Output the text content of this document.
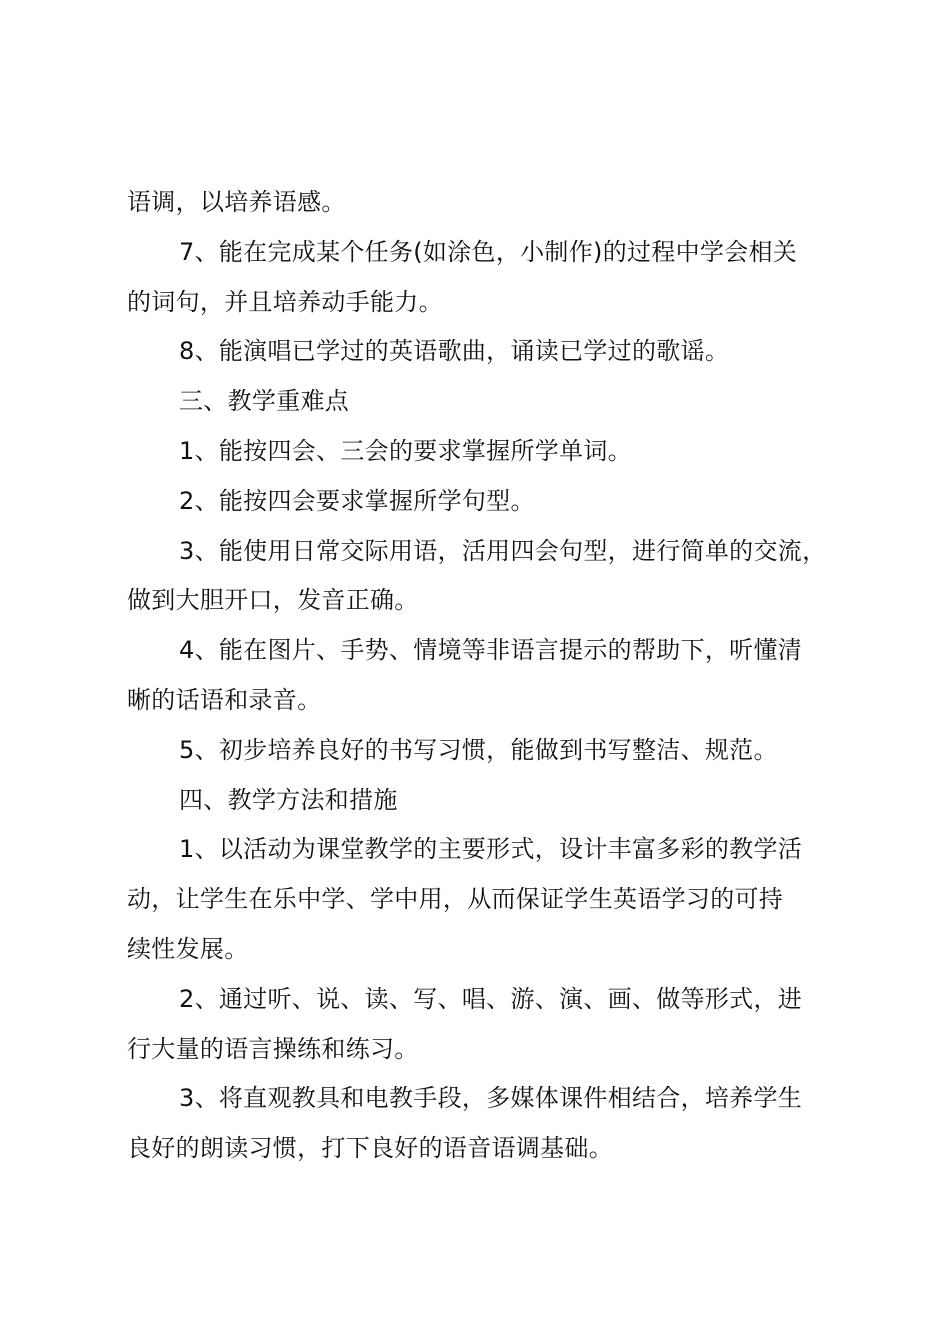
语调，以培养语感。
7、能在完成某个任务(如涂色，小制作)的过程中学会相关
的词句，并且培养动手能力。
8、能演唱已学过的英语歌曲，诵读已学过的歌谣。
三、教学重难点
1、能按四会、三会的要求掌握所学单词。
2、能按四会要求掌握所学句型。
3、能使用日常交际用语，活用四会句型，进行简单的交流，
做到大胆开口，发音正确。
4、能在图片、手势、情境等非语言提示的帮助下，听懂清
晰的话语和录音。
5、初步培养良好的书写习惯，能做到书写整洁、规范。
四、教学方法和措施
1、以活动为课堂教学的主要形式，设计丰富多彩的教学活
动，让学生在乐中学、学中用，从而保证学生英语学习的可持
续性发展。
2、通过听、说、读、写、唱、游、演、画、做等形式，进
行大量的语言操练和练习。
3、将直观教具和电教手段，多媒体课件相结合，培养学生
良好的朗读习惯，打下良好的语音语调基础。
